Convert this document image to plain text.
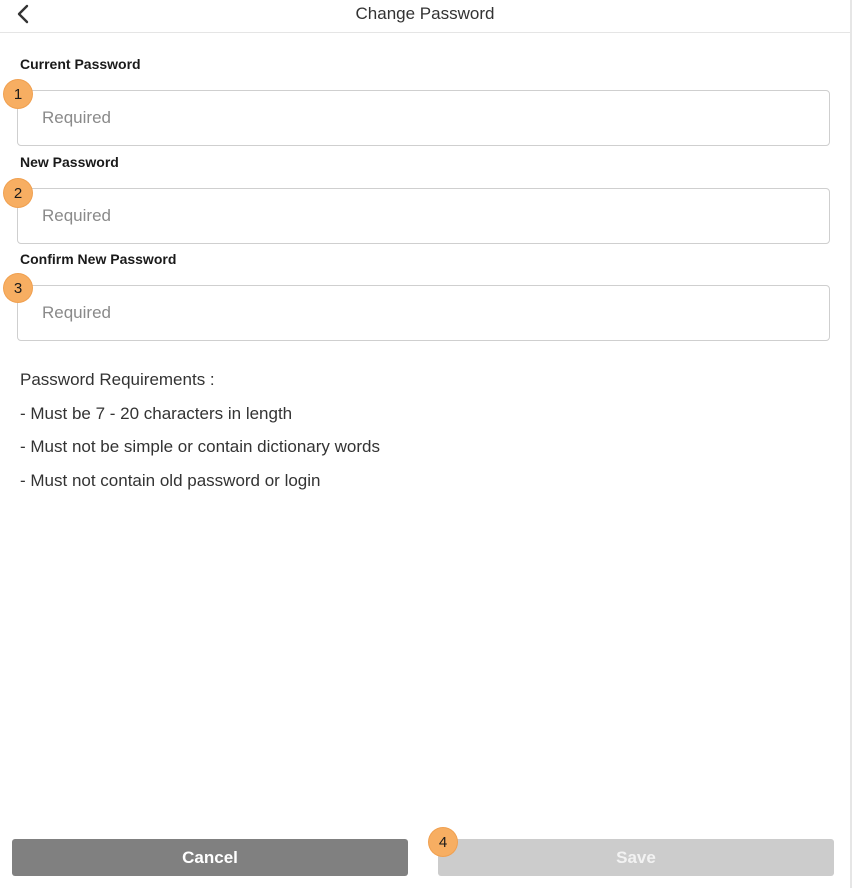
Change Password
Current Password
1
New Password
2
Confirm New Password
3
Password Requirements :
- Must be 7 - 20 characters in length
- Must not be simple or contain dictionary words
- Must not contain old password or login
Cancel	Save
4
